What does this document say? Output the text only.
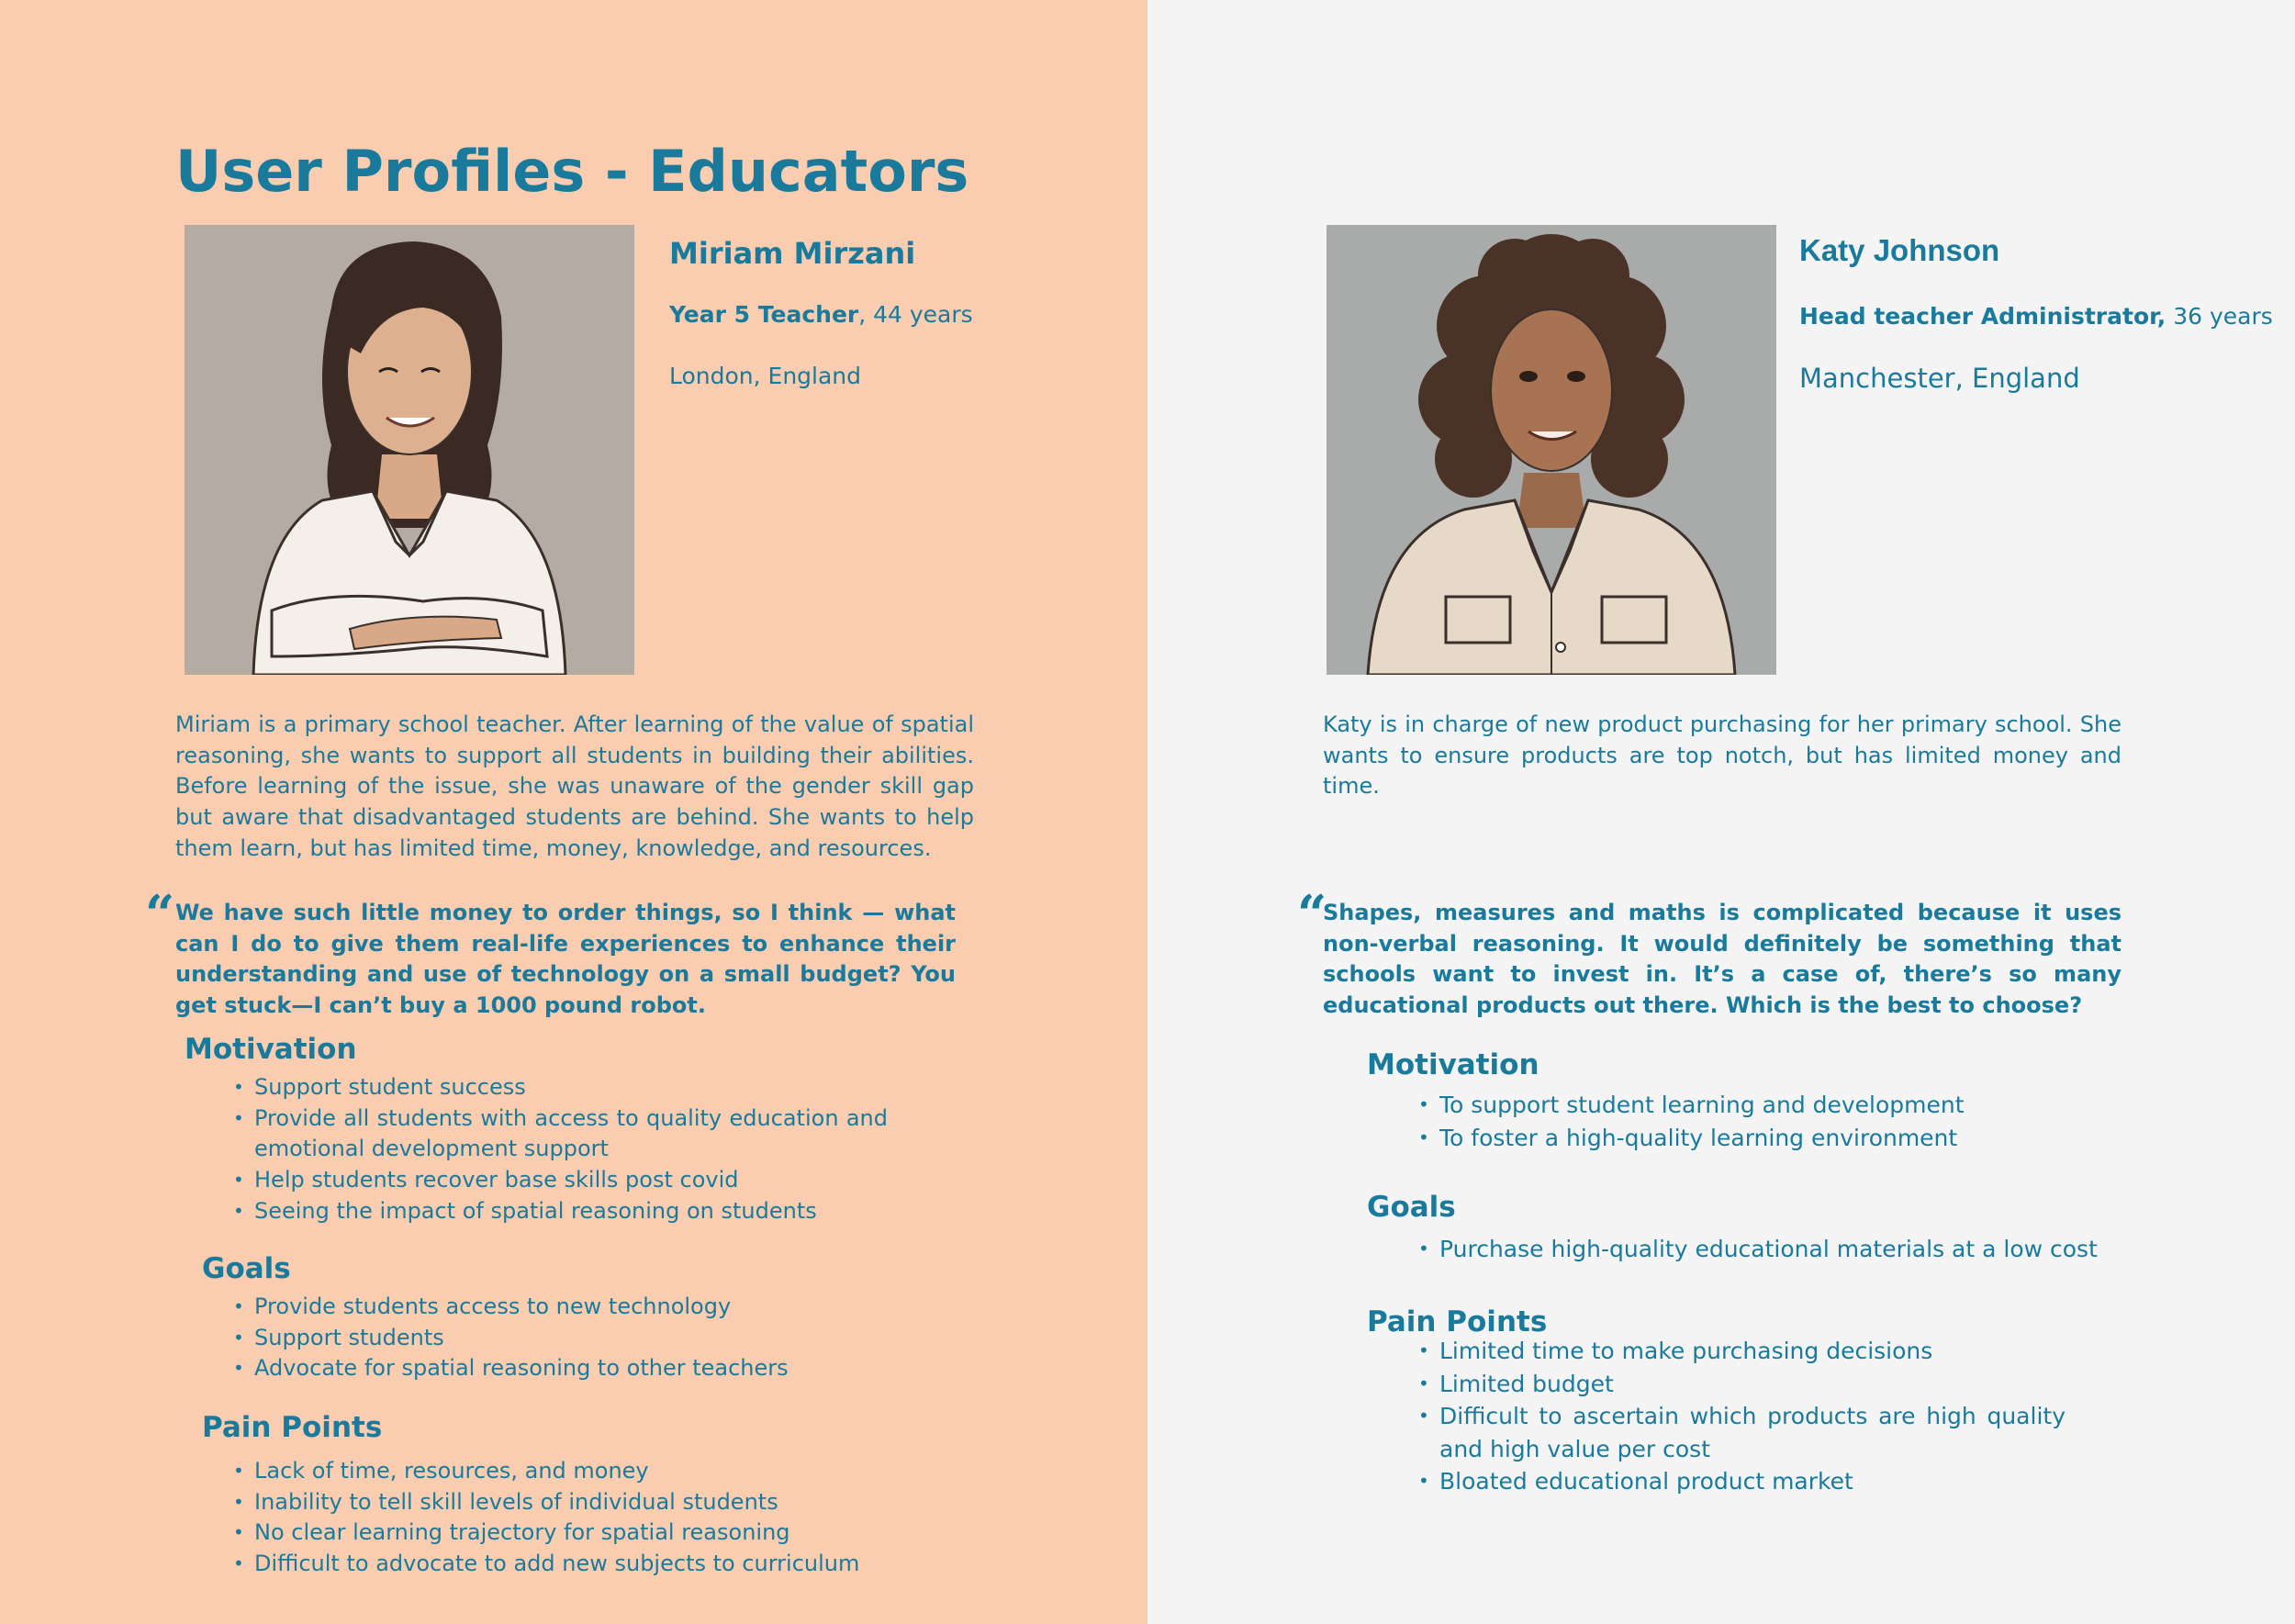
User Profiles - Educators
Miriam Mirzani
Year 5 Teacher, 44 years
London, England

Miriam is a primary school teacher. After learning of the value of spatial reasoning, she wants to support all students in building their abilities. Before learning of the issue, she was unaware of the gender skill gap but aware that disadvantaged students are behind. She wants to help them learn, but has limited time, money, knowledge, and resources.

“ We have such little money to order things, so I think — what can I do to give them real-life experiences to enhance their understanding and use of technology on a small budget? You get stuck—I can’t buy a 1000 pound robot.

Motivation
• Support student success
• Provide all students with access to quality education and emotional development support
• Help students recover base skills post covid
• Seeing the impact of spatial reasoning on students
Goals
• Provide students access to new technology
• Support students
• Advocate for spatial reasoning to other teachers
Pain Points
• Lack of time, resources, and money
• Inability to tell skill levels of individual students
• No clear learning trajectory for spatial reasoning
• Difficult to advocate to add new subjects to curriculum
Katy Johnson
Head teacher Administrator, 36 years
Manchester, England

Katy is in charge of new product purchasing for her primary school. She wants to ensure products are top notch, but has limited money and time.

“

Shapes, measures and maths is complicated because it uses non-verbal reasoning. It would definitely be something that schools want to invest in. It’s a case of, there’s so many educational products out there. Which is the best to choose?

Motivation
• To support student learning and development
• To foster a high-quality learning environment
Goals
• Purchase high-quality educational materials at a low cost
Pain Points
• Limited time to make purchasing decisions
• Limited budget
• Difficult to ascertain which products are high quality and high value per cost
• Bloated educational product market
